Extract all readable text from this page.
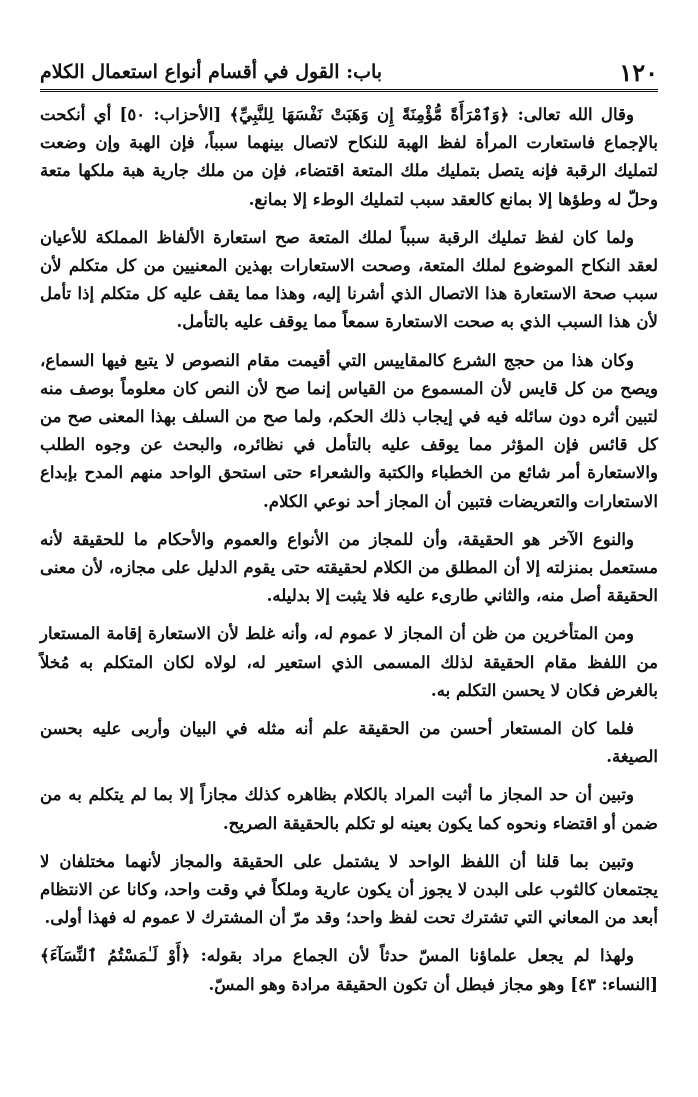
١٢٠
باب: القول في أقسام أنواع استعمال الكلام

وقال الله تعالى: ﴿وَٱمْرَأَةً مُّؤْمِنَةً إِن وَهَبَتْ نَفْسَهَا لِلنَّبِيِّ﴾ [الأحزاب: ٥٠] أي أنكحت بالإجماع فاستعارت المرأة لفظ الهبة للنكاح لاتصال بينهما سبباً، فإن الهبة وإن وضعت لتمليك الرقبة فإنه يتصل بتمليك ملك المتعة اقتضاء، فإن من ملك جارية هبة ملكها متعة وحلّ له وطؤها إلا بمانع كالعقد سبب لتمليك الوطء إلا بمانع.

ولما كان لفظ تمليك الرقبة سبباً لملك المتعة صح استعارة الألفاظ المملكة للأعيان لعقد النكاح الموضوع لملك المتعة، وصحت الاستعارات بهذين المعنيين من كل متكلم لأن سبب صحة الاستعارة هذا الاتصال الذي أشرنا إليه، وهذا مما يقف عليه كل متكلم إذا تأمل لأن هذا السبب الذي به صحت الاستعارة سمعاً مما يوقف عليه بالتأمل.

وكان هذا من حجج الشرع كالمقاييس التي أقيمت مقام النصوص لا يتبع فيها السماع، ويصح من كل قايس لأن المسموع من القياس إنما صح لأن النص كان معلوماً بوصف منه لتبين أثره دون سائله فيه في إيجاب ذلك الحكم، ولما صح من السلف بهذا المعنى صح من كل قائس فإن المؤثر مما يوقف عليه بالتأمل في نظائره، والبحث عن وجوه الطلب والاستعارة أمر شائع من الخطباء والكتبة والشعراء حتى استحق الواحد منهم المدح بإبداع الاستعارات والتعريضات فتبين أن المجاز أحد نوعي الكلام.

والنوع الآخر هو الحقيقة، وأن للمجاز من الأنواع والعموم والأحكام ما للحقيقة لأنه مستعمل بمنزلته إلا أن المطلق من الكلام لحقيقته حتى يقوم الدليل على مجازه، لأن معنى الحقيقة أصل منه، والثاني طارىء عليه فلا يثبت إلا بدليله.

ومن المتأخرين من ظن أن المجاز لا عموم له، وأنه غلط لأن الاستعارة إقامة المستعار من اللفظ مقام الحقيقة لذلك المسمى الذي استعير له، لولاه لكان المتكلم به مُخلاً بالغرض فكان لا يحسن التكلم به.

فلما كان المستعار أحسن من الحقيقة علم أنه مثله في البيان وأربى عليه بحسن الصيغة.

وتبين أن حد المجاز ما أثبت المراد بالكلام بظاهره كذلك مجازاً إلا بما لم يتكلم به من ضمن أو اقتضاء ونحوه كما يكون بعينه لو تكلم بالحقيقة الصريح.

وتبين بما قلنا أن اللفظ الواحد لا يشتمل على الحقيقة والمجاز لأنهما مختلفان لا يجتمعان كالثوب على البدن لا يجوز أن يكون عارية وملكاً في وقت واحد، وكانا عن الانتظام أبعد من المعاني التي تشترك تحت لفظ واحد؛ وقد مرّ أن المشترك لا عموم له فهذا أولى.

ولهذا لم يجعل علماؤنا المسّ حدثاً لأن الجماع مراد بقوله: ﴿أَوْ لَـٰمَسْتُمُ ٱلنِّسَآءَ﴾ [النساء: ٤٣] وهو مجاز فبطل أن تكون الحقيقة مرادة وهو المسّ.
